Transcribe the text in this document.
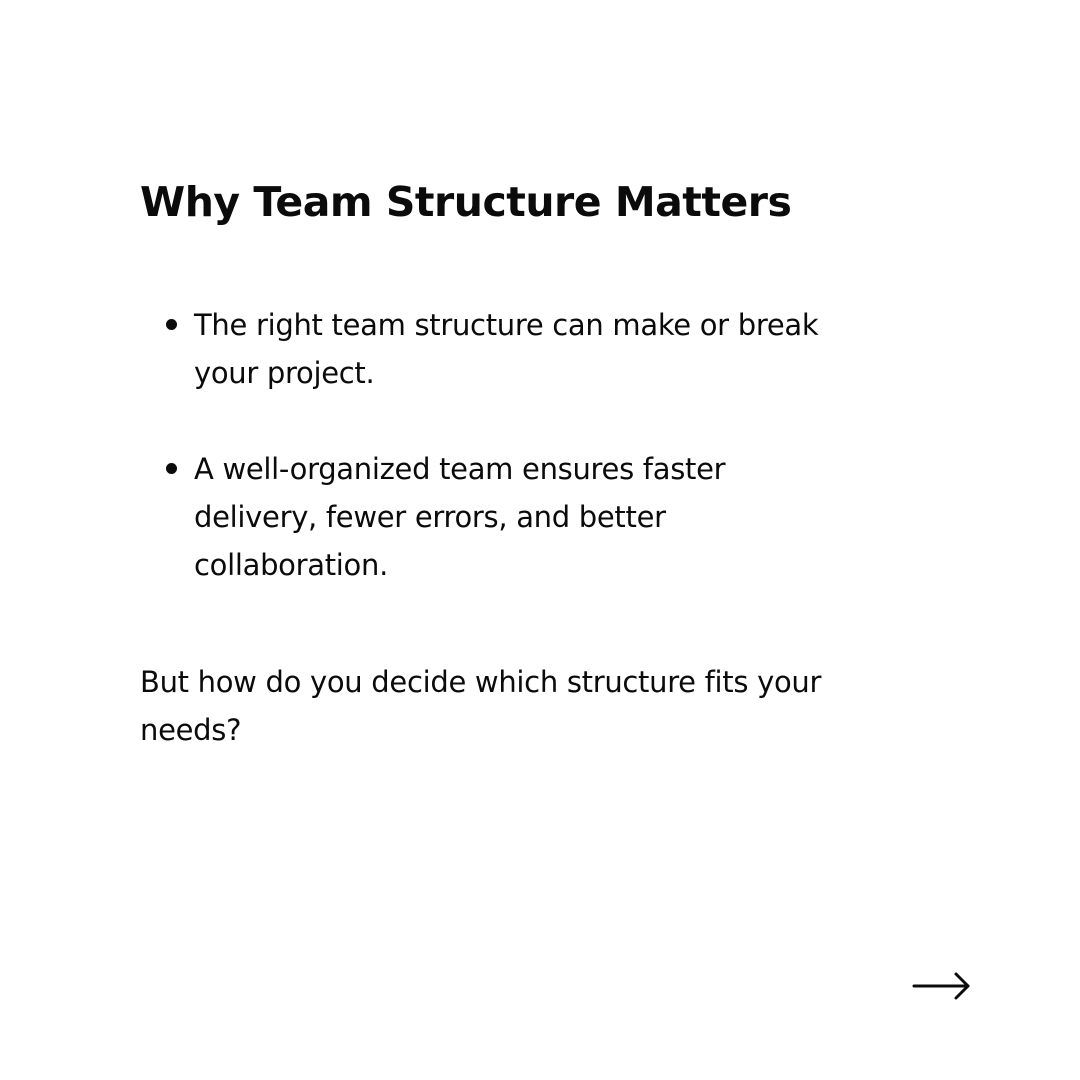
Why Team Structure Matters
The right team structure can make or break your project.
A well-organized team ensures faster delivery, fewer errors, and better collaboration.

But how do you decide which structure fits your needs?
